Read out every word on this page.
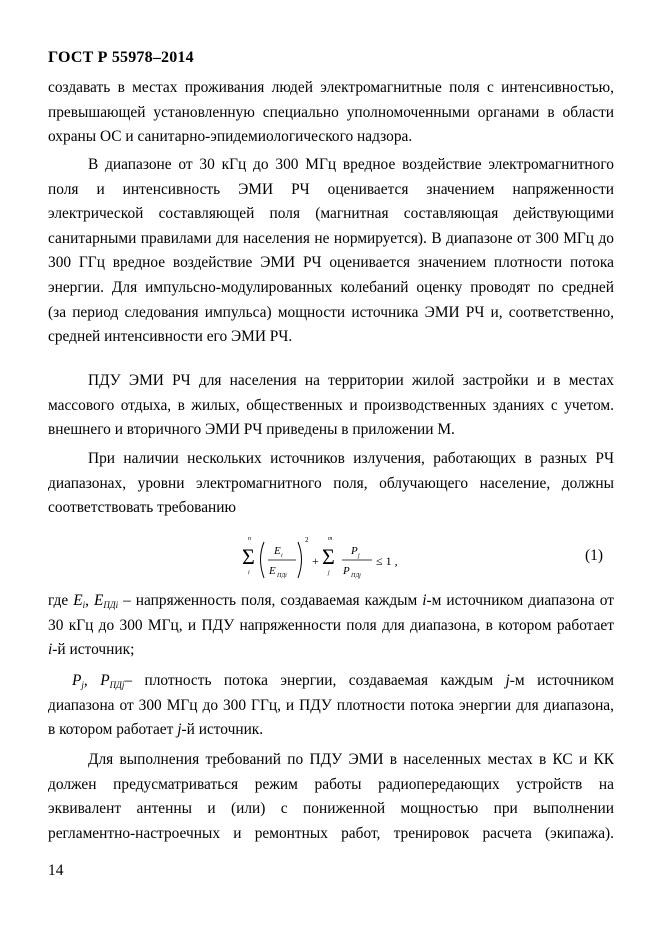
ГОСТ Р 55978–2014
создавать в местах проживания людей электромагнитные поля с интенсивностью,
превышающей установленную специально уполномоченными органами в области
охраны ОС и санитарно-эпидемиологического надзора.
В диапазоне от 30 кГц до 300 МГц вредное воздействие электромагнитного
поля и интенсивность ЭМИ РЧ оценивается значением напряженности
электрической составляющей поля (магнитная составляющая действующими
санитарными правилами для населения не нормируется). В диапазоне от 300 МГц до
300 ГГц вредное воздействие ЭМИ РЧ оценивается значением плотности потока
энергии. Для импульсно-модулированных колебаний оценку проводят по средней
(за период следования импульса) мощности источника ЭМИ РЧ и, соответственно,
средней интенсивности его ЭМИ РЧ.
ПДУ ЭМИ РЧ для населения на территории жилой застройки и в местах
массового отдыха, в жилых, общественных и производственных зданиях с учетом.
внешнего и вторичного ЭМИ РЧ приведены в приложении М.
При наличии нескольких источников излучения, работающих в разных РЧ
диапазонах, уровни электромагнитного поля, облучающего население, должны
соответствовать требованию
n
Σ
i
E i
E ПДi
2
+
m
Σ
j
P j
P ПДj
≤ 1 ,	(1)
где $E_i$, $E_{ПДi}$ – напряженность поля, создаваемая каждым i-м источником диапазона от
30 кГц до 300 МГц, и ПДУ напряженности поля для диапазона, в котором работает
i-й источник;
$P_j$, $P_{ПДj}-$ плотность потока энергии, создаваемая каждым j-м источником
диапазона от 300 МГц до 300 ГГц, и ПДУ плотности потока энергии для диапазона,
в котором работает j-й источник.
Для выполнения требований по ПДУ ЭМИ в населенных местах в КС и КК
должен предусматриваться режим работы радиопередающих устройств на
эквивалент антенны и (или) с пониженной мощностью при выполнении
регламентно-настроечных и ремонтных работ, тренировок расчета (экипажа).
14
